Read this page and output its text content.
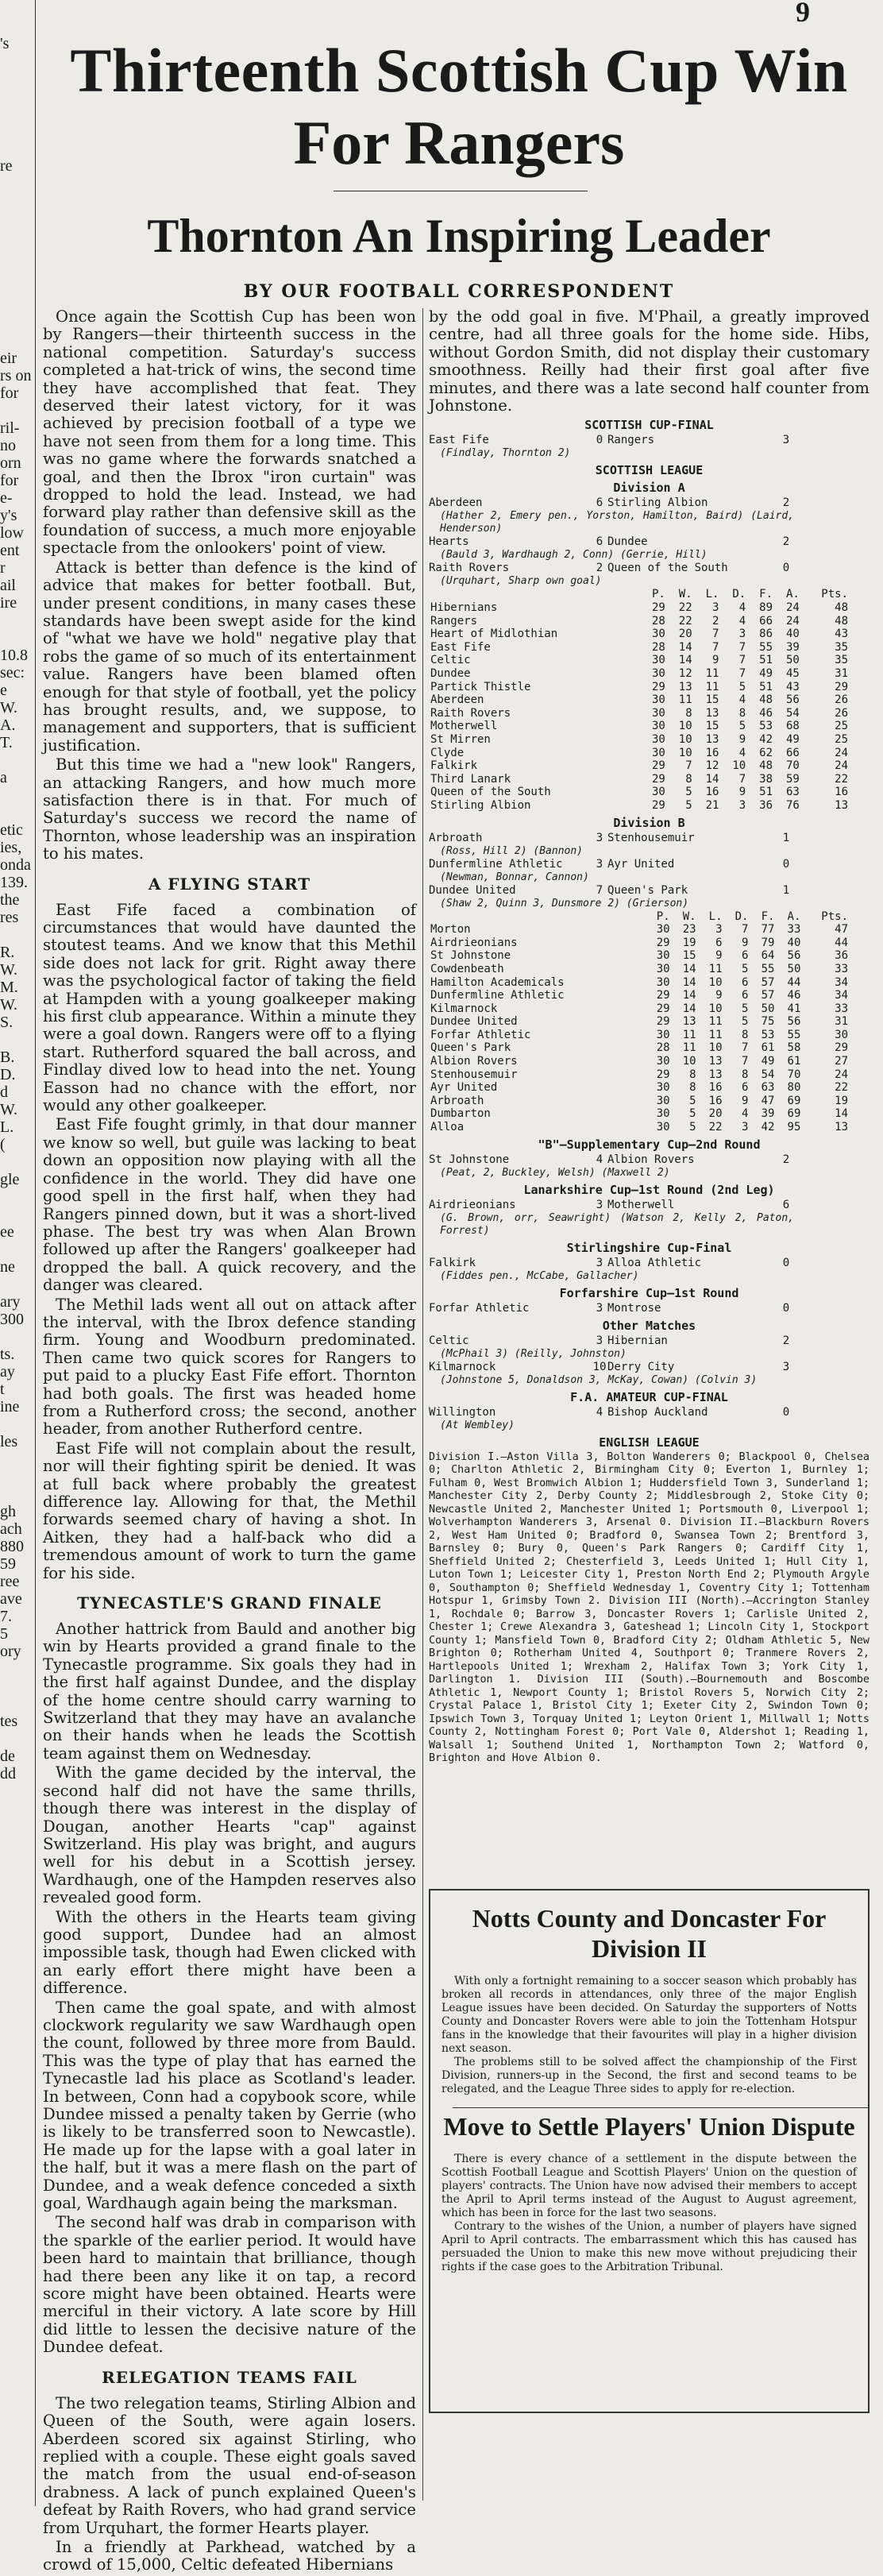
9
's
re
eir
rs on
for
ril-
no
orn
for
e-
y's
low
ent
r
ail
ire
10.8
sec:
e
W.
A.
T.
a
etic
ies,
onda
139.
the
res
R.
W.
M.
W.
S.
B.
D.
d
W.
L.
(
gle
ee
ne
ary
300
ts.
ay
t
ine
les
gh
ach
880
59
ree
ave
7.
5
ory
tes
de
dd
Thirteenth Scottish Cup Win
For Rangers
Thornton An Inspiring Leader
BY OUR FOOTBALL CORRESPONDENT

Once again the Scottish Cup has been won by Rangers—their thirteenth success in the national competition. Saturday's success completed a hat-trick of wins, the second time they have accomplished that feat. They deserved their latest victory, for it was achieved by precision football of a type we have not seen from them for a long time. This was no game where the forwards snatched a goal, and then the Ibrox "iron curtain" was dropped to hold the lead. Instead, we had forward play rather than defensive skill as the foundation of success, a much more enjoyable spectacle from the onlookers' point of view.

Attack is better than defence is the kind of advice that makes for better football. But, under present conditions, in many cases these standards have been swept aside for the kind of "what we have we hold" negative play that robs the game of so much of its entertainment value. Rangers have been blamed often enough for that style of football, yet the policy has brought results, and, we suppose, to management and supporters, that is sufficient justification.

But this time we had a "new look" Rangers, an attacking Rangers, and how much more satisfaction there is in that. For much of Saturday's success we record the name of Thornton, whose leadership was an inspiration to his mates.

A FLYING START

East Fife faced a combination of circumstances that would have daunted the stoutest teams. And we know that this Methil side does not lack for grit. Right away there was the psychological factor of taking the field at Hampden with a young goalkeeper making his first club appearance. Within a minute they were a goal down. Rangers were off to a flying start. Rutherford squared the ball across, and Findlay dived low to head into the net. Young Easson had no chance with the effort, nor would any other goalkeeper.

East Fife fought grimly, in that dour manner we know so well, but guile was lacking to beat down an opposition now playing with all the confidence in the world. They did have one good spell in the first half, when they had Rangers pinned down, but it was a short-lived phase. The best try was when Alan Brown followed up after the Rangers' goalkeeper had dropped the ball. A quick recovery, and the danger was cleared.

The Methil lads went all out on attack after the interval, with the Ibrox defence standing firm. Young and Woodburn predominated. Then came two quick scores for Rangers to put paid to a plucky East Fife effort. Thornton had both goals. The first was headed home from a Rutherford cross; the second, another header, from another Rutherford centre.

East Fife will not complain about the result, nor will their fighting spirit be denied. It was at full back where probably the greatest difference lay. Allowing for that, the Methil forwards seemed chary of having a shot. In Aitken, they had a half-back who did a tremendous amount of work to turn the game for his side.

TYNECASTLE'S GRAND FINALE

Another hattrick from Bauld and another big win by Hearts provided a grand finale to the Tynecastle programme. Six goals they had in the first half against Dundee, and the display of the home centre should carry warning to Switzerland that they may have an avalanche on their hands when he leads the Scottish team against them on Wednesday.

With the game decided by the interval, the second half did not have the same thrills, though there was interest in the display of Dougan, another Hearts "cap" against Switzerland. His play was bright, and augurs well for his debut in a Scottish jersey. Wardhaugh, one of the Hampden reserves also revealed good form.

With the others in the Hearts team giving good support, Dundee had an almost impossible task, though had Ewen clicked with an early effort there might have been a difference.

Then came the goal spate, and with almost clockwork regularity we saw Wardhaugh open the count, followed by three more from Bauld. This was the type of play that has earned the Tynecastle lad his place as Scotland's leader. In between, Conn had a copybook score, while Dundee missed a penalty taken by Gerrie (who is likely to be transferred soon to Newcastle). He made up for the lapse with a goal later in the half, but it was a mere flash on the part of Dundee, and a weak defence conceded a sixth goal, Wardhaugh again being the marksman.

The second half was drab in comparison with the sparkle of the earlier period. It would have been hard to maintain that brilliance, though had there been any like it on tap, a record score might have been obtained. Hearts were merciful in their victory. A late score by Hill did little to lessen the decisive nature of the Dundee defeat.

RELEGATION TEAMS FAIL

The two relegation teams, Stirling Albion and Queen of the South, were again losers. Aberdeen scored six against Stirling, who replied with a couple. These eight goals saved the match from the usual end-of-season drabness. A lack of punch explained Queen's defeat by Raith Rovers, who had grand service from Urquhart, the former Hearts player.

In a friendly at Parkhead, watched by a crowd of 15,000, Celtic defeated Hibernians

by the odd goal in five. M'Phail, a greatly improved centre, had all three goals for the home side. Hibs, without Gordon Smith, did not display their customary smoothness. Reilly had their first goal after five minutes, and there was a late second half counter from Johnstone.

SCOTTISH CUP-FINAL
East Fife	0 Rangers	3
(Findlay, Thornton 2)
SCOTTISH LEAGUE
Division A
Aberdeen	6 Stirling Albion	2
(Hather 2, Emery pen., Yorston, Hamilton, Baird) (Laird, Henderson)
Hearts	6 Dundee	2
(Bauld 3, Wardhaugh 2, Conn) (Gerrie, Hill)
Raith Rovers	2 Queen of the South	0
(Urquhart, Sharp own goal)
	P.	W.	L.	D.	F.	A.	Pts.
Hibernians	29	22	3	4	89	24	48
Rangers	28	22	2	4	66	24	48
Heart of Midlothian	30	20	7	3	86	40	43
East Fife	28	14	7	7	55	39	35
Celtic	30	14	9	7	51	50	35
Dundee	30	12	11	7	49	45	31
Partick Thistle	29	13	11	5	51	43	29
Aberdeen	30	11	15	4	48	56	26
Raith Rovers	30	8	13	8	46	54	26
Motherwell	30	10	15	5	53	68	25
St Mirren	30	10	13	9	42	49	25
Clyde	30	10	16	4	62	66	24
Falkirk	29	7	12	10	48	70	24
Third Lanark	29	8	14	7	38	59	22
Queen of the South	30	5	16	9	51	63	16
Stirling Albion	29	5	21	3	36	76	13
Division B
Arbroath	3 Stenhousemuir	1
(Ross, Hill 2) (Bannon)
Dunfermline Athletic	3 Ayr United	0
(Newman, Bonnar, Cannon)
Dundee United	7 Queen's Park	1
(Shaw 2, Quinn 3, Dunsmore 2) (Grierson)
	P.	W.	L.	D.	F.	A.	Pts.
Morton	30	23	3	7	77	33	47
Airdrieonians	29	19	6	9	79	40	44
St Johnstone	30	15	9	6	64	56	36
Cowdenbeath	30	14	11	5	55	50	33
Hamilton Academicals	30	14	10	6	57	44	34
Dunfermline Athletic	29	14	9	6	57	46	34
Kilmarnock	29	14	10	5	50	41	33
Dundee United	29	13	11	5	75	56	31
Forfar Athletic	30	11	11	8	53	55	30
Queen's Park	28	11	10	7	61	58	29
Albion Rovers	30	10	13	7	49	61	27
Stenhousemuir	29	8	13	8	54	70	24
Ayr United	30	8	16	6	63	80	22
Arbroath	30	5	16	9	47	69	19
Dumbarton	30	5	20	4	39	69	14
Alloa	30	5	22	3	42	95	13
"B"—Supplementary Cup—2nd Round
St Johnstone	4 Albion Rovers	2
(Peat, 2, Buckley, Welsh) (Maxwell 2)
Lanarkshire Cup—1st Round (2nd Leg)
Airdrieonians	3 Motherwell	6
(G. Brown, orr, Seawright) (Watson 2, Kelly 2, Paton, Forrest)
Stirlingshire Cup-Final
Falkirk	3 Alloa Athletic	0
(Fiddes pen., McCabe, Gallacher)
Forfarshire Cup—1st Round
Forfar Athletic	3 Montrose	0
Other Matches
Celtic	3 Hibernian	2
(McPhail 3) (Reilly, Johnston)
Kilmarnock	10 Derry City	3
(Johnstone 5, Donaldson 3, McKay, Cowan) (Colvin 3)
F.A. AMATEUR CUP-FINAL
Willington	4 Bishop Auckland	0
(At Wembley)
ENGLISH LEAGUE
Division I.—Aston Villa 3, Bolton Wanderers 0; Blackpool 0, Chelsea 0; Charlton Athletic 2, Birmingham City 0; Everton 1, Burnley 1; Fulham 0, West Bromwich Albion 1; Huddersfield Town 3, Sunderland 1; Manchester City 2, Derby County 2; Middlesbrough 2, Stoke City 0; Newcastle United 2, Manchester United 1; Portsmouth 0, Liverpool 1; Wolverhampton Wanderers 3, Arsenal 0. Division II.—Blackburn Rovers 2, West Ham United 0; Bradford 0, Swansea Town 2; Brentford 3, Barnsley 0; Bury 0, Queen's Park Rangers 0; Cardiff City 1, Sheffield United 2; Chesterfield 3, Leeds United 1; Hull City 1, Luton Town 1; Leicester City 1, Preston North End 2; Plymouth Argyle 0, Southampton 0; Sheffield Wednesday 1, Coventry City 1; Tottenham Hotspur 1, Grimsby Town 2. Division III (North).—Accrington Stanley 1, Rochdale 0; Barrow 3, Doncaster Rovers 1; Carlisle United 2, Chester 1; Crewe Alexandra 3, Gateshead 1; Lincoln City 1, Stockport County 1; Mansfield Town 0, Bradford City 2; Oldham Athletic 5, New Brighton 0; Rotherham United 4, Southport 0; Tranmere Rovers 2, Hartlepools United 1; Wrexham 2, Halifax Town 3; York City 1, Darlington 1. Division III (South).—Bournemouth and Boscombe Athletic 1, Newport County 1; Bristol Rovers 5, Norwich City 2; Crystal Palace 1, Bristol City 1; Exeter City 2, Swindon Town 0; Ipswich Town 3, Torquay United 1; Leyton Orient 1, Millwall 1; Notts County 2, Nottingham Forest 0; Port Vale 0, Aldershot 1; Reading 1, Walsall 1; Southend United 1, Northampton Town 2; Watford 0, Brighton and Hove Albion 0.
Notts County and Doncaster For Division II

With only a fortnight remaining to a soccer season which probably has broken all records in attendances, only three of the major English League issues have been decided. On Saturday the supporters of Notts County and Doncaster Rovers were able to join the Tottenham Hotspur fans in the knowledge that their favourites will play in a higher division next season.

The problems still to be solved affect the championship of the First Division, runners-up in the Second, the first and second teams to be relegated, and the League Three sides to apply for re-election.

Move to Settle Players' Union Dispute

There is every chance of a settlement in the dispute between the Scottish Football League and Scottish Players' Union on the question of players' contracts. The Union have now advised their members to accept the April to April terms instead of the August to August agreement, which has been in force for the last two seasons.

Contrary to the wishes of the Union, a number of players have signed April to April contracts. The embarrassment which this has caused has persuaded the Union to make this new move without prejudicing their rights if the case goes to the Arbitration Tribunal.
